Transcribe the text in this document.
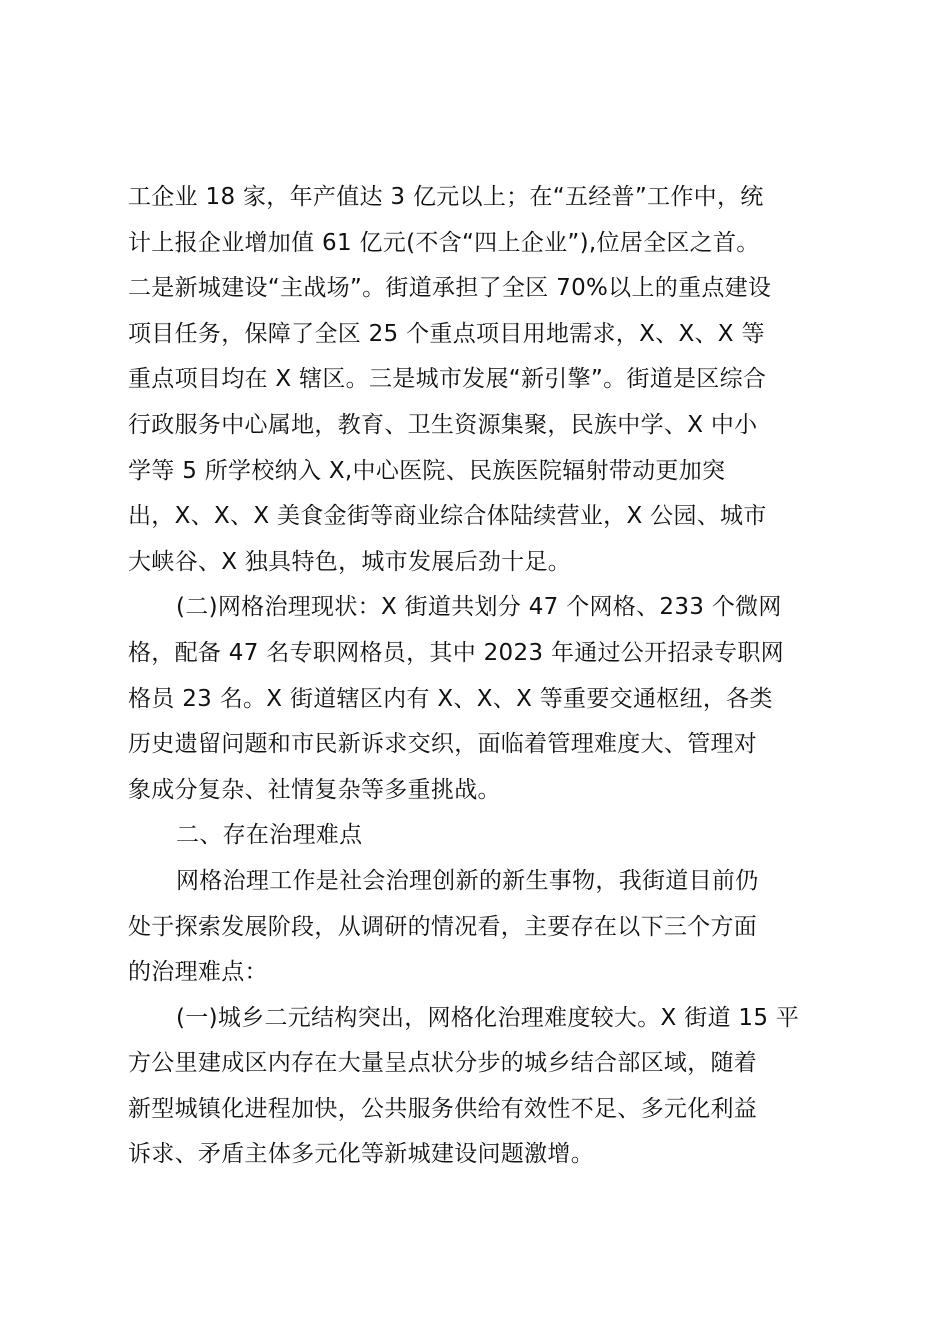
工企业 18 家，年产值达 3 亿元以上；在“五经普”工作中，统
计上报企业增加值 61 亿元(不含“四上企业”),位居全区之首。
二是新城建设“主战场”。街道承担了全区 70%以上的重点建设
项目任务，保障了全区 25 个重点项目用地需求，X、X、X 等
重点项目均在 X 辖区。三是城市发展“新引擎”。街道是区综合
行政服务中心属地，教育、卫生资源集聚，民族中学、X 中小
学等 5 所学校纳入 X,中心医院、民族医院辐射带动更加突
出，X、X、X 美食金街等商业综合体陆续营业，X 公园、城市
大峡谷、X 独具特色，城市发展后劲十足。
(二)网格治理现状：X 街道共划分 47 个网格、233 个微网
格，配备 47 名专职网格员，其中 2023 年通过公开招录专职网
格员 23 名。X 街道辖区内有 X、X、X 等重要交通枢纽，各类
历史遗留问题和市民新诉求交织，面临着管理难度大、管理对
象成分复杂、社情复杂等多重挑战。
二、存在治理难点
网格治理工作是社会治理创新的新生事物，我街道目前仍
处于探索发展阶段，从调研的情况看，主要存在以下三个方面
的治理难点：
(一)城乡二元结构突出，网格化治理难度较大。X 街道 15 平
方公里建成区内存在大量呈点状分步的城乡结合部区域，随着
新型城镇化进程加快，公共服务供给有效性不足、多元化利益
诉求、矛盾主体多元化等新城建设问题激增。
